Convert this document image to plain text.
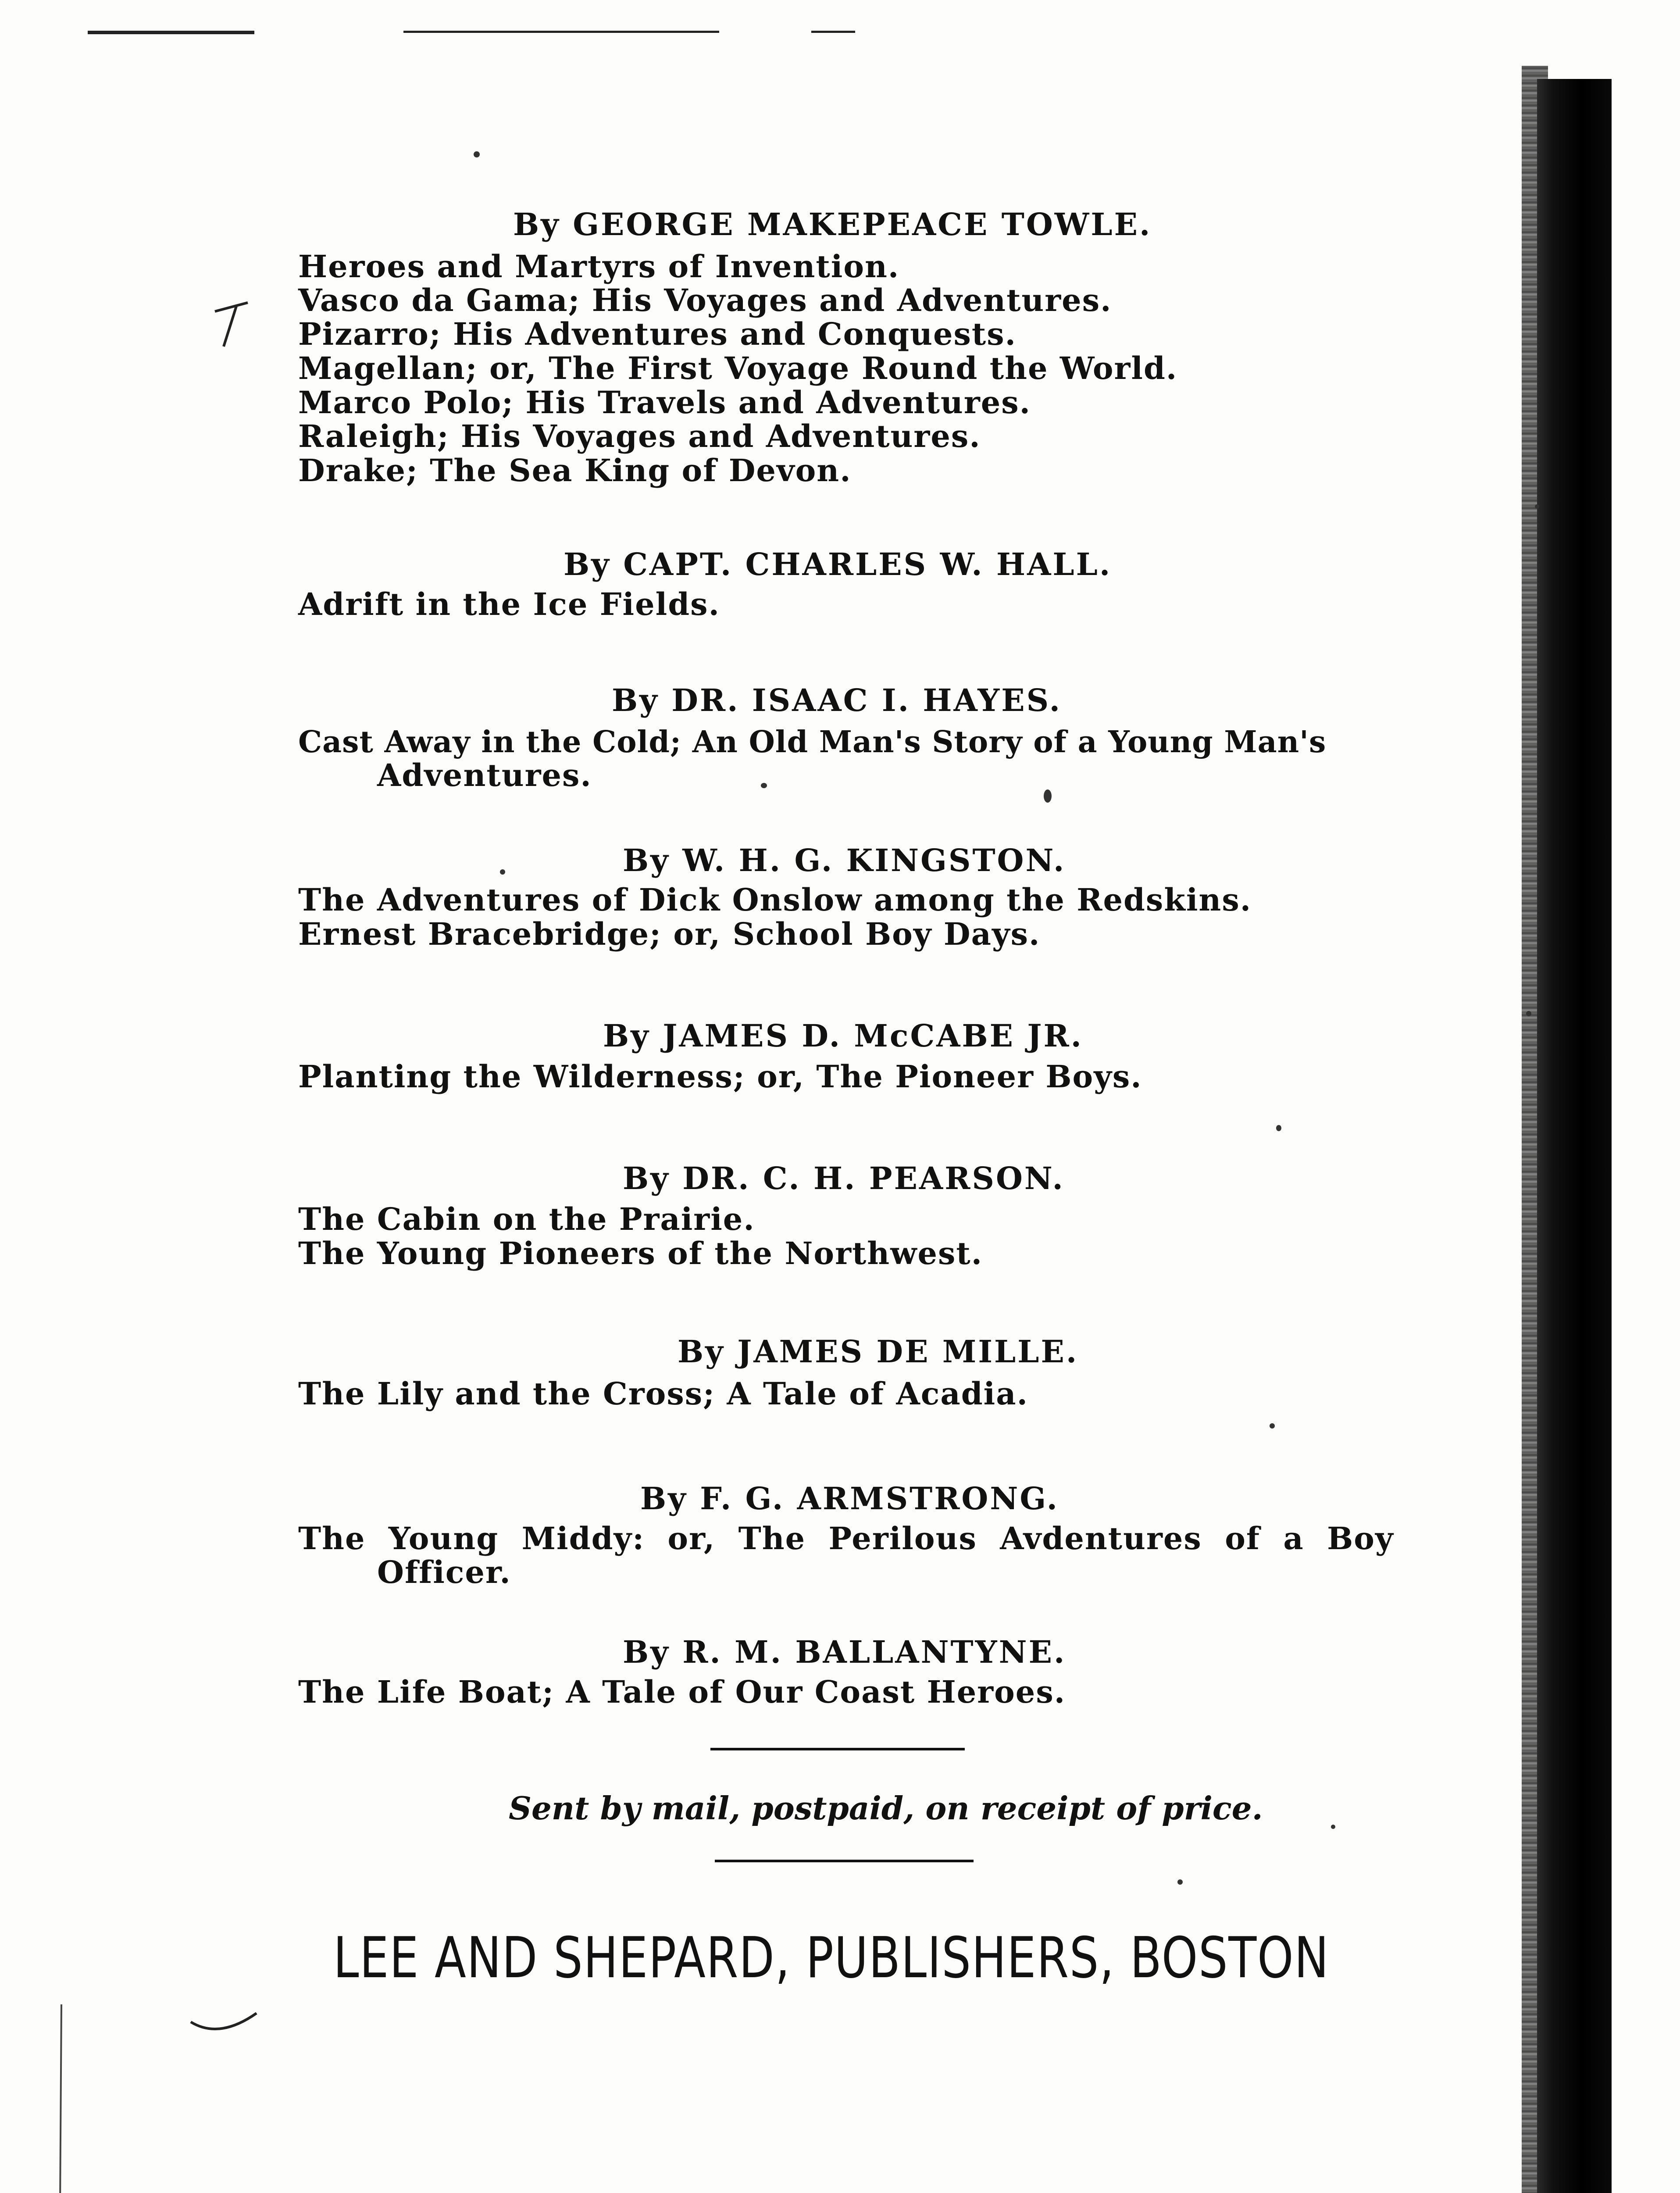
By GEORGE MAKEPEACE TOWLE.
Heroes and Martyrs of Invention.
Vasco da Gama; His Voyages and Adventures.
Pizarro; His Adventures and Conquests.
Magellan; or, The First Voyage Round the World.
Marco Polo; His Travels and Adventures.
Raleigh; His Voyages and Adventures.
Drake; The Sea King of Devon.
By CAPT. CHARLES W. HALL.
Adrift in the Ice Fields.
By DR. ISAAC I. HAYES.
Cast Away in the Cold; An Old Man's Story of a Young Man's
Adventures.
By W. H. G. KINGSTON.
The Adventures of Dick Onslow among the Redskins.
Ernest Bracebridge; or, School Boy Days.
By JAMES D. McCABE JR.
Planting the Wilderness; or, The Pioneer Boys.
By DR. C. H. PEARSON.
The Cabin on the Prairie.
The Young Pioneers of the Northwest.
By JAMES DE MILLE.
The Lily and the Cross; A Tale of Acadia.
By F. G. ARMSTRONG.
The Young Middy: or, The Perilous Avdentures of a Boy
Officer.
By R. M. BALLANTYNE.
The Life Boat; A Tale of Our Coast Heroes.
Sent by mail, postpaid, on receipt of price.
LEE AND SHEPARD, PUBLISHERS, BOSTON
